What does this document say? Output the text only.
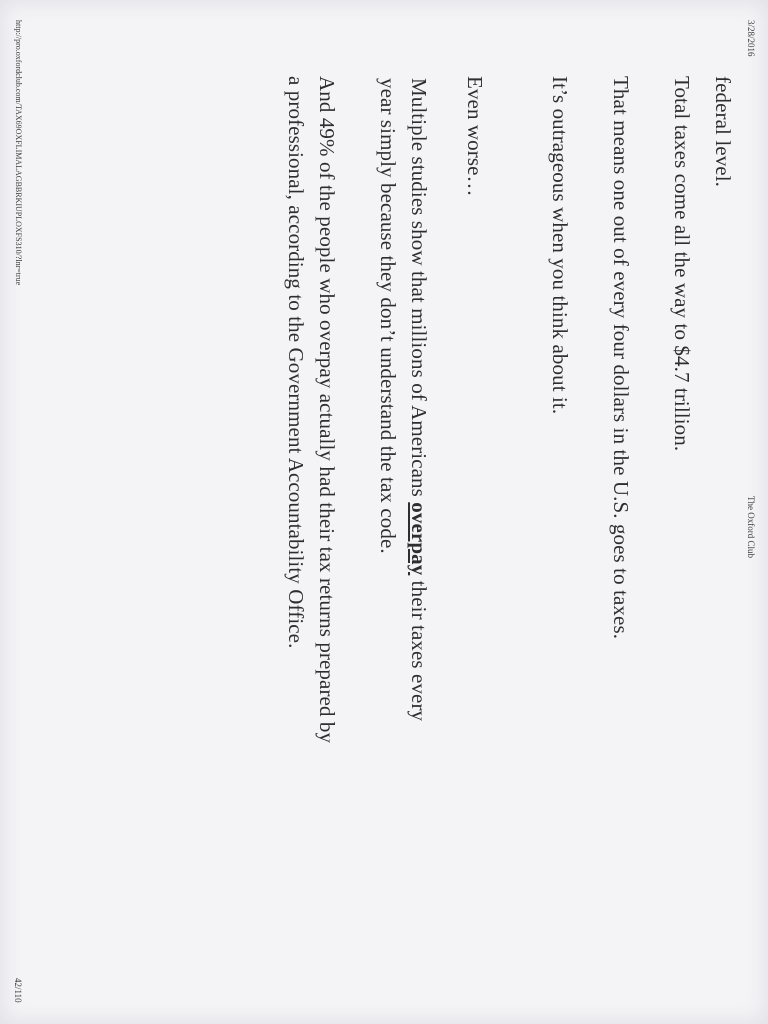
3/28/2016
The Oxford Club
federal level.
Total taxes come all the way to $4.7 trillion.
That means one out of every four dollars in the U.S. goes to taxes.
It’s outrageous when you think about it.
Even worse…
Multiple studies show that millions of Americans overpay their taxes every
year simply because they don’t understand the tax code.
And 49% of the people who overpay actually had their tax returns prepared by
a professional, according to the Government Accountability Office.
http://pro.oxfordclub.com/TAX69OXFLIMALAGBBRKIUPLOXFS310/?lnr=true
42/110
